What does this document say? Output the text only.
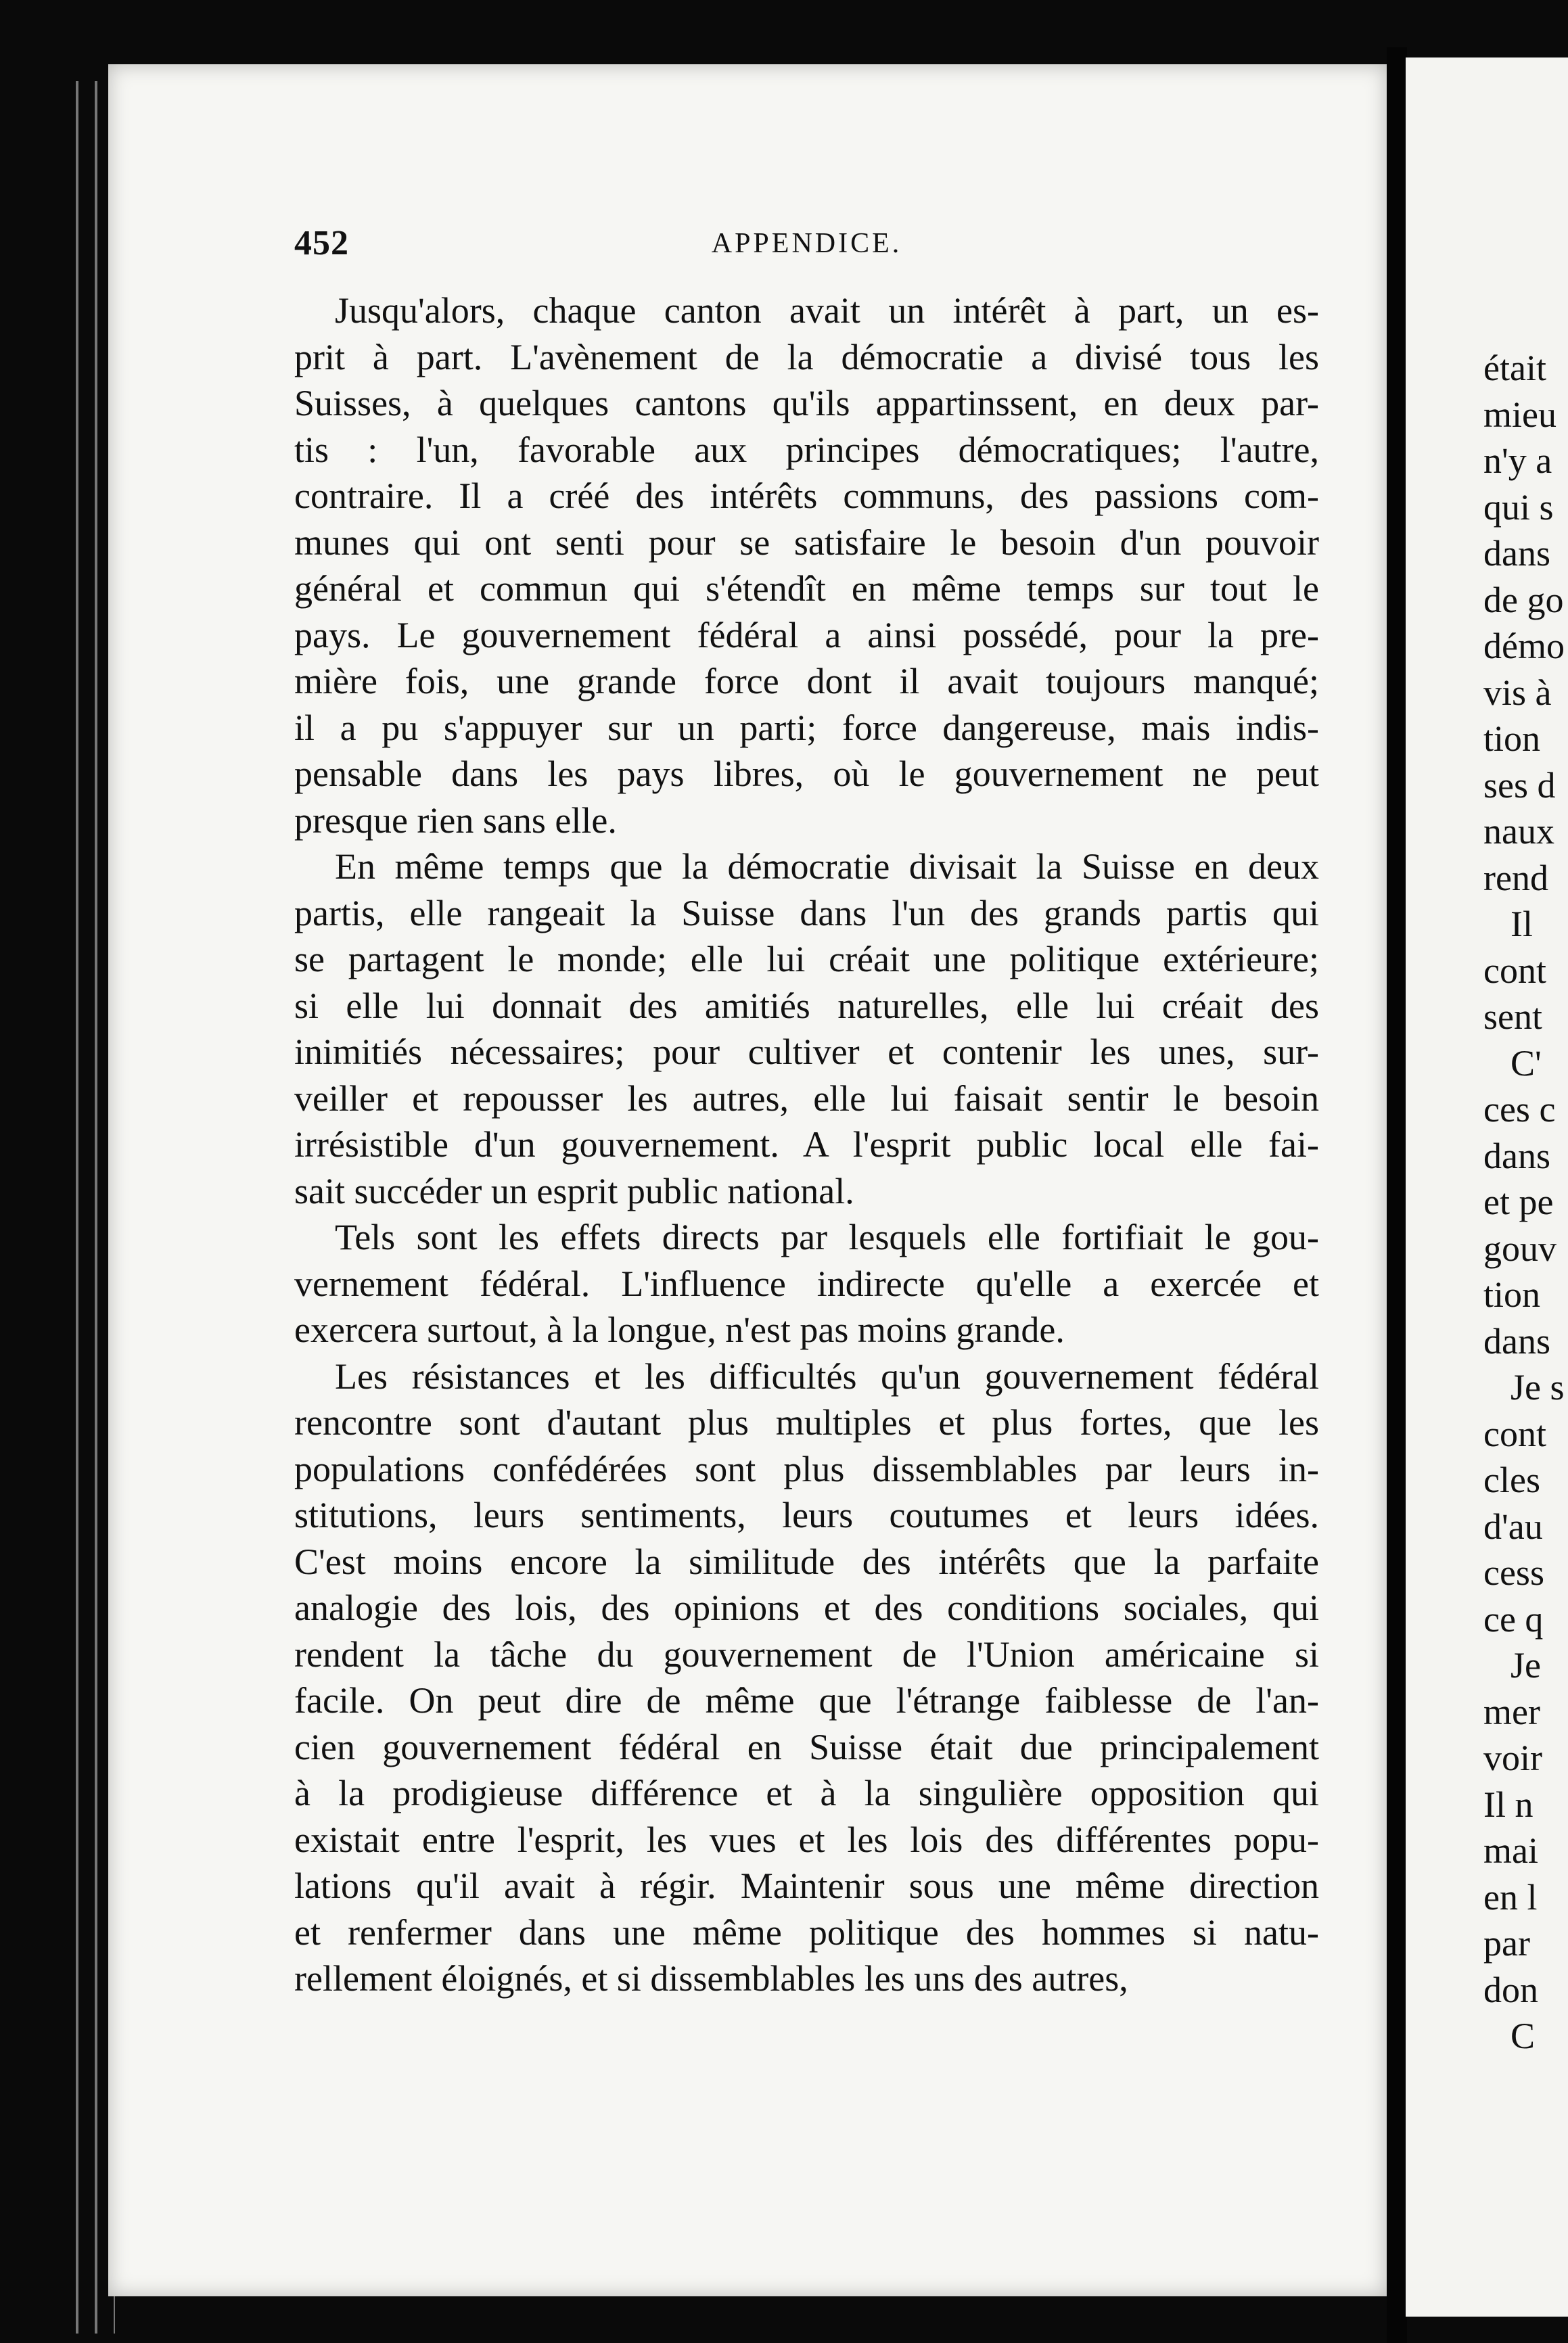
était
mieu
n'y a
qui s
dans
de go
démo
vis à
tion
ses d
naux
rend
Il
cont
sent
C'
ces c
dans
et pe
gouv
tion
dans
Je s
cont
cles
d'au
cess
ce q
Je
mer
voir
Il n
mai
en l
par
don
C
452	APPENDICE.

Jusqu'alors, chaque canton avait un intérêt à part, un es-
prit à part. L'avènement de la démocratie a divisé tous les
Suisses, à quelques cantons qu'ils appartinssent, en deux par-
tis : l'un, favorable aux principes démocratiques; l'autre,
contraire. Il a créé des intérêts communs, des passions com-
munes qui ont senti pour se satisfaire le besoin d'un pouvoir
général et commun qui s'étendît en même temps sur tout le
pays. Le gouvernement fédéral a ainsi possédé, pour la pre-
mière fois, une grande force dont il avait toujours manqué;
il a pu s'appuyer sur un parti; force dangereuse, mais indis-
pensable dans les pays libres, où le gouvernement ne peut
presque rien sans elle.

En même temps que la démocratie divisait la Suisse en deux
partis, elle rangeait la Suisse dans l'un des grands partis qui
se partagent le monde; elle lui créait une politique extérieure;
si elle lui donnait des amitiés naturelles, elle lui créait des
inimitiés nécessaires; pour cultiver et contenir les unes, sur-
veiller et repousser les autres, elle lui faisait sentir le besoin
irrésistible d'un gouvernement. A l'esprit public local elle fai-
sait succéder un esprit public national.

Tels sont les effets directs par lesquels elle fortifiait le gou-
vernement fédéral. L'influence indirecte qu'elle a exercée et
exercera surtout, à la longue, n'est pas moins grande.

Les résistances et les difficultés qu'un gouvernement fédéral
rencontre sont d'autant plus multiples et plus fortes, que les
populations confédérées sont plus dissemblables par leurs in-
stitutions, leurs sentiments, leurs coutumes et leurs idées.
C'est moins encore la similitude des intérêts que la parfaite
analogie des lois, des opinions et des conditions sociales, qui
rendent la tâche du gouvernement de l'Union américaine si
facile. On peut dire de même que l'étrange faiblesse de l'an-
cien gouvernement fédéral en Suisse était due principalement
à la prodigieuse différence et à la singulière opposition qui
existait entre l'esprit, les vues et les lois des différentes popu-
lations qu'il avait à régir. Maintenir sous une même direction
et renfermer dans une même politique des hommes si natu-
rellement éloignés, et si dissemblables les uns des autres,
